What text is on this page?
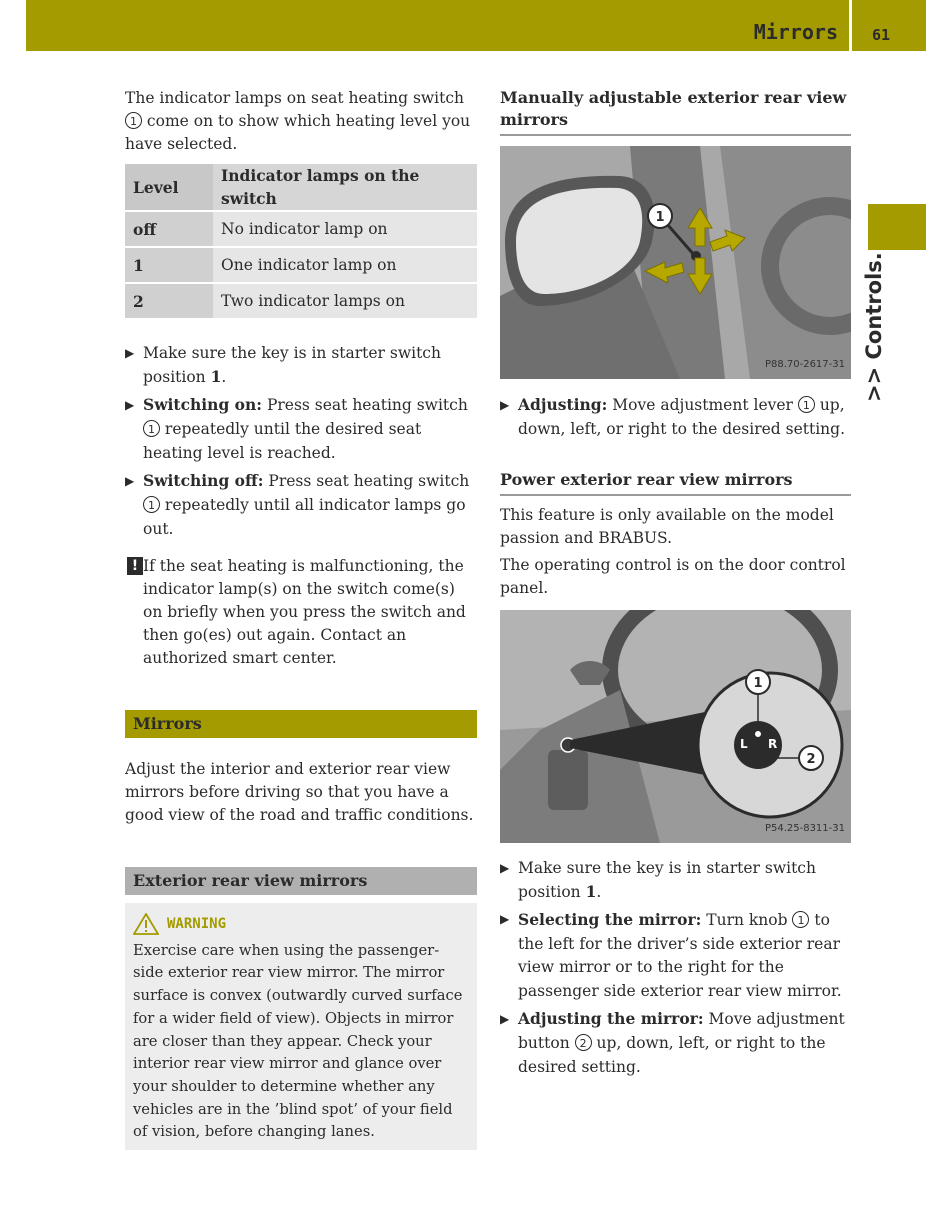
Mirrors 61
>> Controls.

The indicator lamps on seat heating switch 1 come on to show which heating level you have selected.

Level	Indicator lamps on the switch
off	No indicator lamp on
1	One indicator lamp on
2	Two indicator lamps on

▶ Make sure the key is in starter switch position 1.

▶ Switching on: Press seat heating switch 1 repeatedly until the desired seat heating level is reached.

▶ Switching off: Press seat heating switch 1 repeatedly until all indicator lamps go out.

! If the seat heating is malfunctioning, the indicator lamp(s) on the switch come(s) on briefly when you press the switch and then go(es) out again. Contact an authorized smart center.

Mirrors

Adjust the interior and exterior rear view mirrors before driving so that you have a good view of the road and traffic conditions.

Exterior rear view mirrors
WARNING

Exercise care when using the passenger-side exterior rear view mirror. The mirror surface is convex (outwardly curved surface for a wider field of view). Objects in mirror are closer than they appear. Check your interior rear view mirror and glance over your shoulder to determine whether any vehicles are in the ’blind spot’ of your field of vision, before changing lanes.

Manually adjustable exterior rear view mirrors
1
P88.70-2617-31

▶ Adjusting: Move adjustment lever 1 up, down, left, or right to the desired setting.

Power exterior rear view mirrors

This feature is only available on the model passion and BRABUS.

The operating control is on the door control panel.

L R
1
2
P54.25-8311-31

▶ Make sure the key is in starter switch position 1.

▶ Selecting the mirror: Turn knob 1 to the left for the driver’s side exterior rear view mirror or to the right for the passenger side exterior rear view mirror.

▶ Adjusting the mirror: Move adjustment button 2 up, down, left, or right to the desired setting.
